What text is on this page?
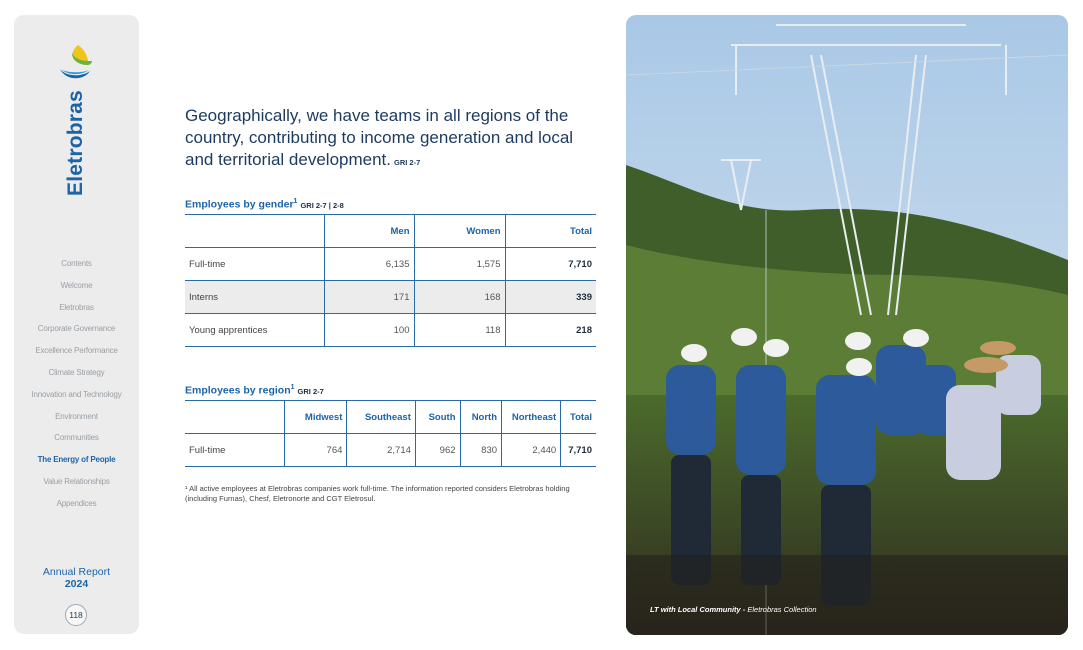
Eletrobras
Contents
Welcome
Eletrobras
Corporate Governance
Excellence Performance
Climate Strategy
Innovation and Technology
Environment
Communities
The Energy of People
Value Relationships
Appendices
Annual Report
2024
118
Geographically, we have teams in all regions of the country, contributing to income generation and local and territorial development. GRI 2-7
Employees by gender$^1$ GRI 2-7 | 2-8
	Men	Women	Total
Full-time	6,135	1,575	7,710
Interns	171	168	339
Young apprentices	100	118	218
Employees by region$^1$ GRI 2-7
	Midwest	Southeast	South	North	Northeast	Total
Full-time	764	2,714	962	830	2,440	7,710
¹ All active employees at Eletrobras companies work full-time. The information reported considers Eletrobras holding (including Furnas), Chesf, Eletronorte and CGT Eletrosul.
LT with Local Community - Eletrobras Collection
